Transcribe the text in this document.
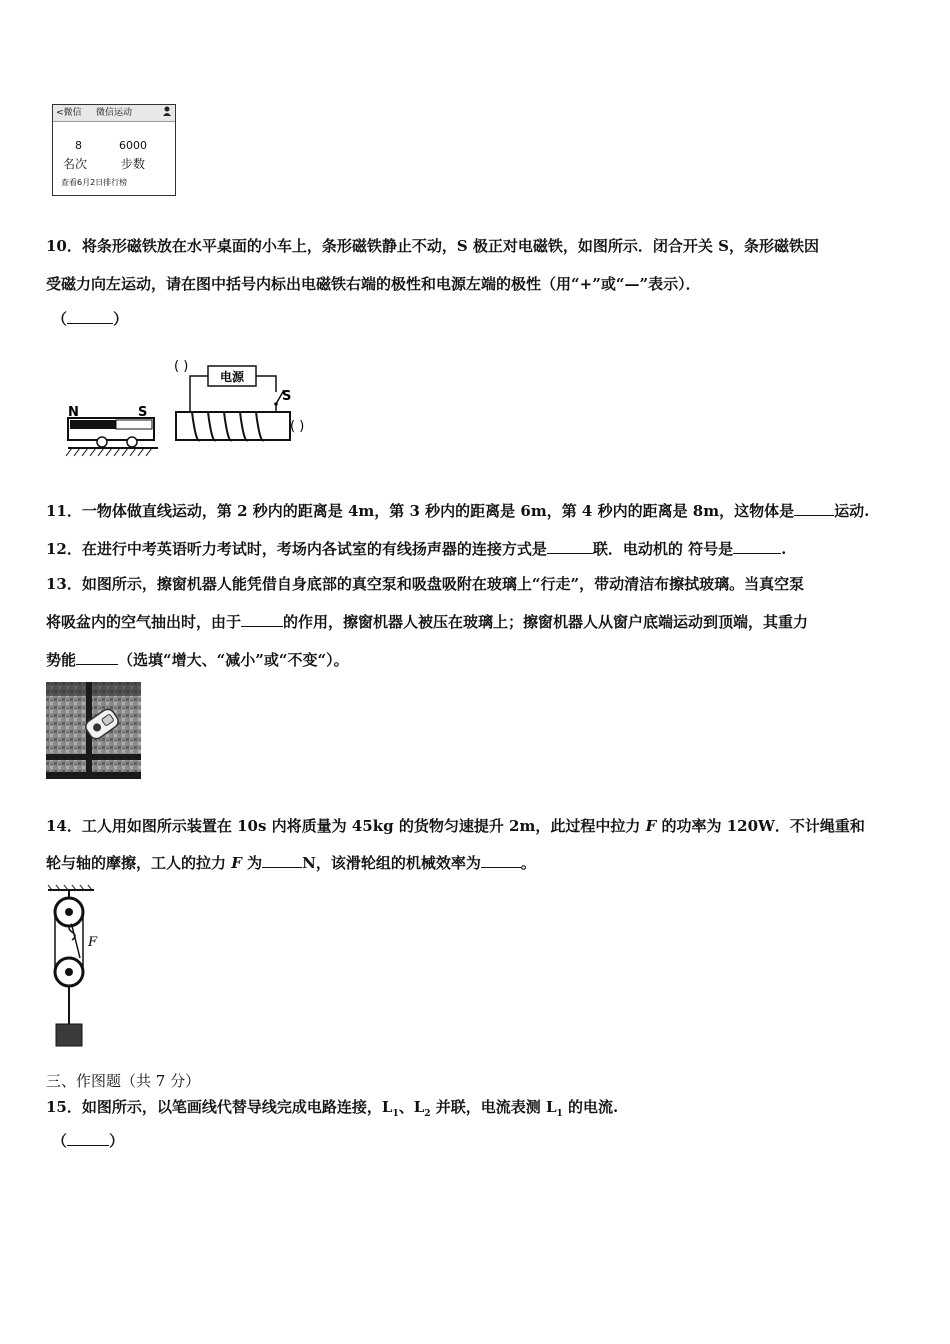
<微信	微信运动
8	6000
名次	步数
查看6月2日排行榜
10．将条形磁铁放在水平桌面的小车上，条形磁铁静止不动，S 极正对电磁铁，如图所示．闭合开关 S，条形磁铁因
受磁力向左运动，请在图中括号内标出电磁铁右端的极性和电源左端的极性（用“+”或“—”表示）．
（	）
N	S
电源
S
( )
( )
11．一物体做直线运动，第 2 秒内的距离是 4m，第 3 秒内的距离是 6m，第 4 秒内的距离是 8m，这物体是	运动.
12．在进行中考英语听力考试时，考场内各试室的有线扬声器的连接方式是	联．电动机的 符号是	.
13．如图所示，擦窗机器人能凭借自身底部的真空泵和吸盘吸附在玻璃上“行走”，带动清洁布擦拭玻璃。当真空泵
将吸盆内的空气抽出时，由于	的作用，擦窗机器人被压在玻璃上；擦窗机器人从窗户底端运动到顶端，其重力
势能	（选填“增大、“减小”或“不变“）。
14．工人用如图所示装置在 10s 内将质量为 45kg 的货物匀速提升 2m，此过程中拉力 F 的功率为 120W．不计绳重和
轮与轴的摩擦，工人的拉力 F 为	N，该滑轮组的机械效率为	。
F
三、作图题（共 7 分）
15．如图所示，以笔画线代替导线完成电路连接，$L_1$、$L_2$ 并联，电流表测 $L_1$ 的电流.
（	）
